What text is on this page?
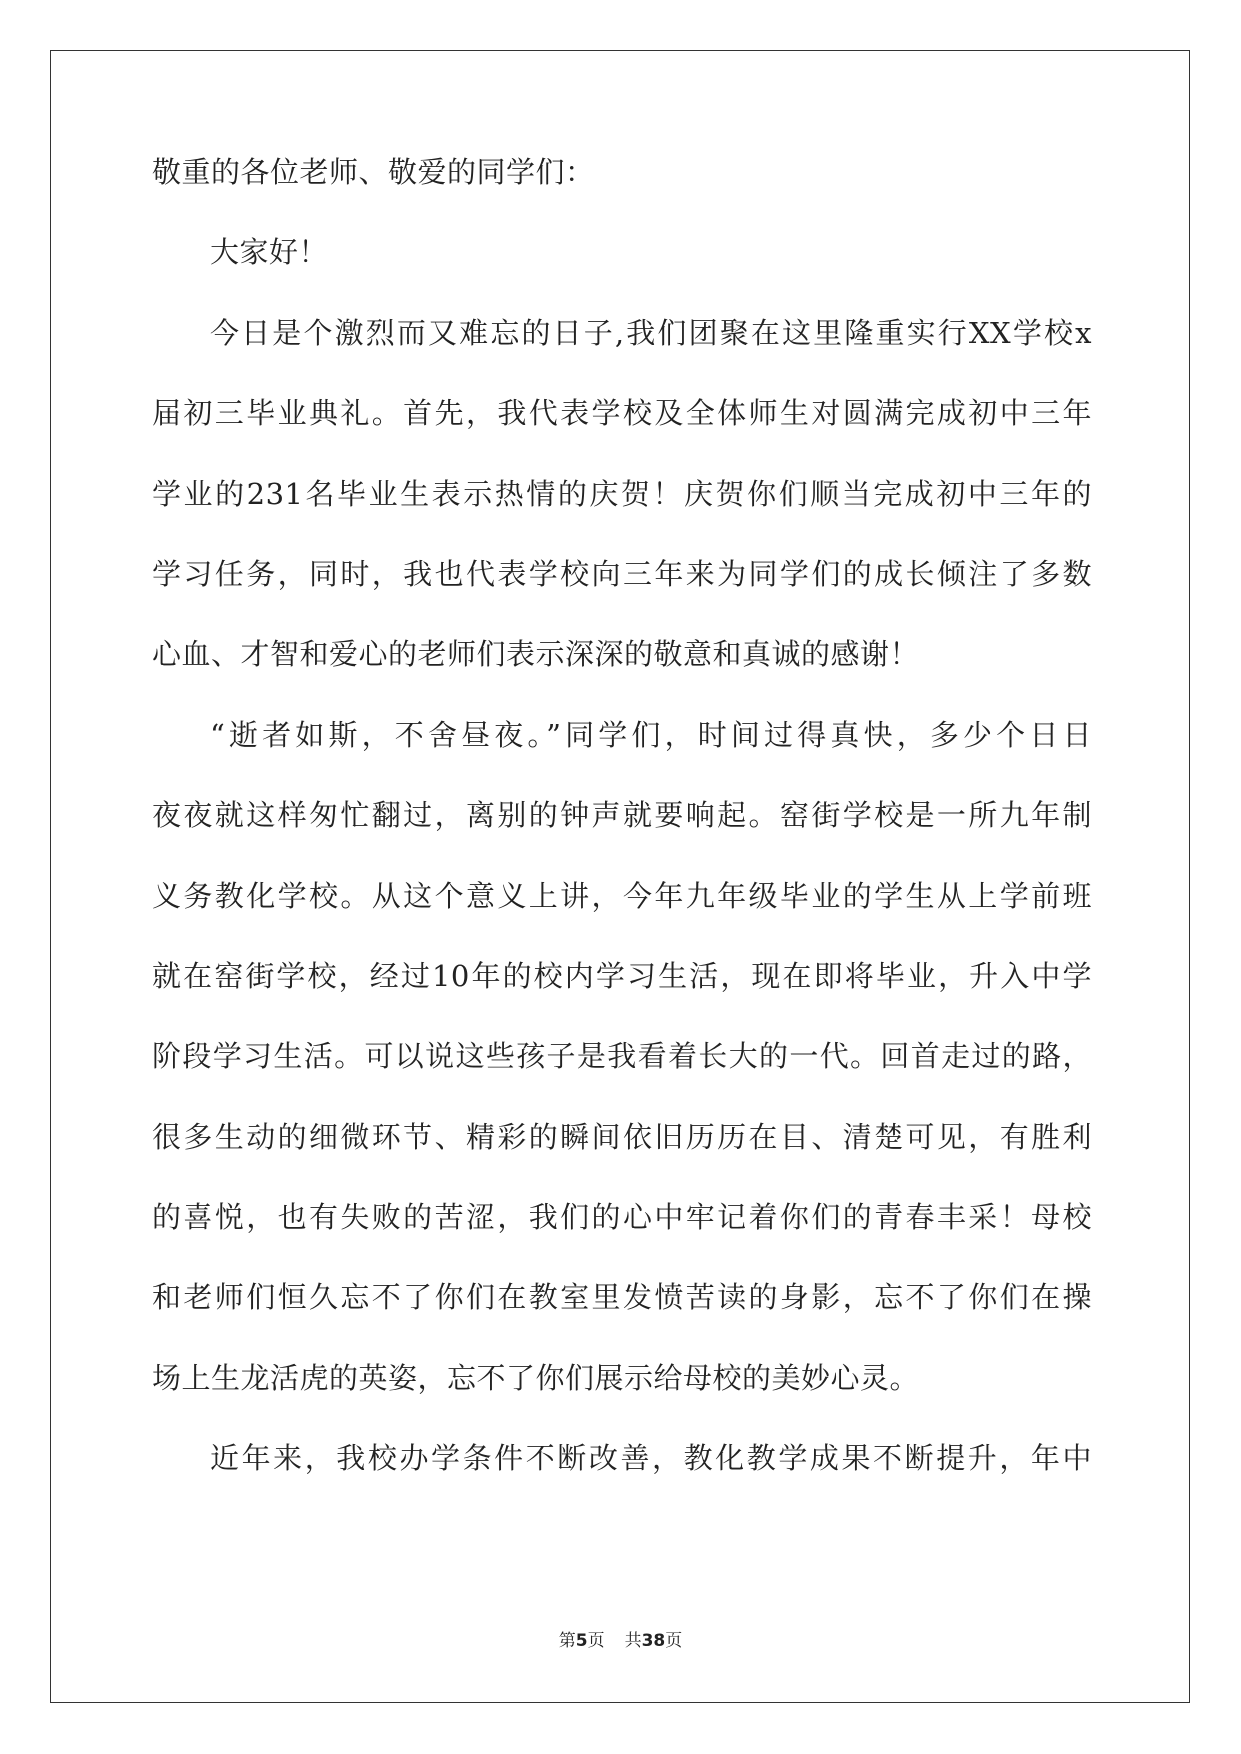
敬重的各位老师、敬爱的同学们：
大家好！
今日是个激烈而又难忘的日子,我们团聚在这里隆重实行XX学校x
届初三毕业典礼。首先，我代表学校及全体师生对圆满完成初中三年
学业的231名毕业生表示热情的庆贺！庆贺你们顺当完成初中三年的
学习任务，同时，我也代表学校向三年来为同学们的成长倾注了多数
心血、才智和爱心的老师们表示深深的敬意和真诚的感谢！
“逝者如斯，不舍昼夜。”同学们，时间过得真快，多少个日日
夜夜就这样匆忙翻过，离别的钟声就要响起。窑街学校是一所九年制
义务教化学校。从这个意义上讲，今年九年级毕业的学生从上学前班
就在窑街学校，经过10年的校内学习生活，现在即将毕业，升入中学
阶段学习生活。可以说这些孩子是我看着长大的一代。回首走过的路，
很多生动的细微环节、精彩的瞬间依旧历历在目、清楚可见，有胜利
的喜悦，也有失败的苦涩，我们的心中牢记着你们的青春丰采！母校
和老师们恒久忘不了你们在教室里发愤苦读的身影，忘不了你们在操
场上生龙活虎的英姿，忘不了你们展示给母校的美妙心灵。
近年来，我校办学条件不断改善，教化教学成果不断提升，年中
第5页 共38页
